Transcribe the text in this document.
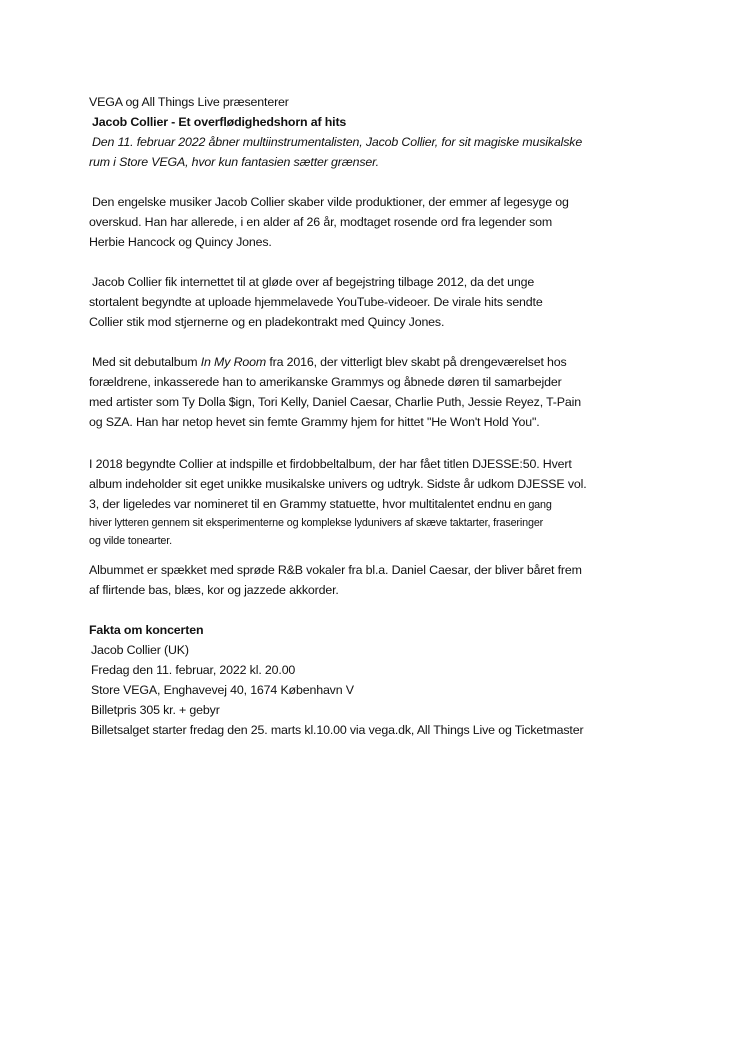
VEGA og All Things Live præsenterer
Jacob Collier - Et overflødighedshorn af hits
Den 11. februar 2022 åbner multiinstrumentalisten, Jacob Collier, for sit magiske musikalske
rum i Store VEGA, hvor kun fantasien sætter grænser.
Den engelske musiker Jacob Collier skaber vilde produktioner, der emmer af legesyge og
overskud. Han har allerede, i en alder af 26 år, modtaget rosende ord fra legender som
Herbie Hancock og Quincy Jones.
Jacob Collier fik internettet til at gløde over af begejstring tilbage 2012, da det unge
stortalent begyndte at uploade hjemmelavede YouTube-videoer. De virale hits sendte
Collier stik mod stjernerne og en pladekontrakt med Quincy Jones.
Med sit debutalbum In My Room fra 2016, der vitterligt blev skabt på drengeværelset hos
forældrene, inkasserede han to amerikanske Grammys og åbnede døren til samarbejder
med artister som Ty Dolla $ign, Tori Kelly, Daniel Caesar, Charlie Puth, Jessie Reyez, T-Pain
og SZA. Han har netop hevet sin femte Grammy hjem for hittet "He Won't Hold You".
I 2018 begyndte Collier at indspille et firdobbeltalbum, der har fået titlen DJESSE:50. Hvert
album indeholder sit eget unikke musikalske univers og udtryk. Sidste år udkom DJESSE vol.
3, der ligeledes var nomineret til en Grammy statuette, hvor multitalentet endnu en gang
hiver lytteren gennem sit eksperimenterne og komplekse lydunivers af skæve taktarter, fraseringer
og vilde tonearter.
Albummet er spækket med sprøde R&B vokaler fra bl.a. Daniel Caesar, der bliver båret frem
af flirtende bas, blæs, kor og jazzede akkorder.
Fakta om koncerten
Jacob Collier (UK)
Fredag den 11. februar, 2022 kl. 20.00
Store VEGA, Enghavevej 40, 1674 København V
Billetpris 305 kr. + gebyr
Billetsalget starter fredag den 25. marts kl.10.00 via vega.dk, All Things Live og Ticketmaster
